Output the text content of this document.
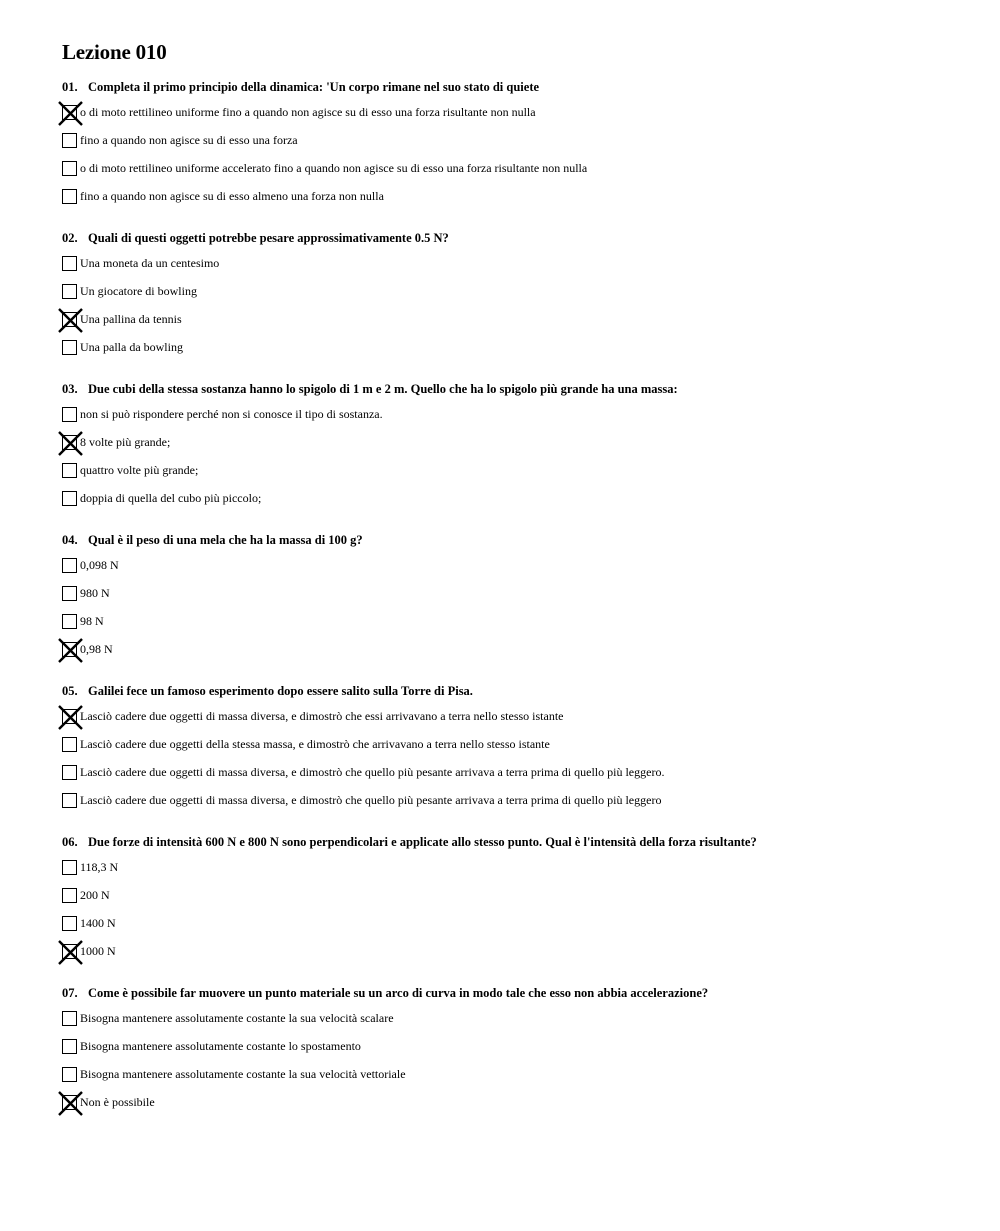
Lezione 010
01. Completa il primo principio della dinamica: 'Un corpo rimane nel suo stato di quiete
o di moto rettilineo uniforme fino a quando non agisce su di esso una forza risultante non nulla
fino a quando non agisce su di esso una forza
o di moto rettilineo uniforme accelerato fino a quando non agisce su di esso una forza risultante non nulla
fino a quando non agisce su di esso almeno una forza non nulla
02. Quali di questi oggetti potrebbe pesare approssimativamente 0.5 N?
Una moneta da un centesimo
Un giocatore di bowling
Una pallina da tennis
Una palla da bowling
03. Due cubi della stessa sostanza hanno lo spigolo di 1 m e 2 m. Quello che ha lo spigolo più grande ha una massa:
non si può rispondere perché non si conosce il tipo di sostanza.
8 volte più grande;
quattro volte più grande;
doppia di quella del cubo più piccolo;
04. Qual è il peso di una mela che ha la massa di 100 g?
0,098 N
980 N
98 N
0,98 N
05. Galilei fece un famoso esperimento dopo essere salito sulla Torre di Pisa.
Lasciò cadere due oggetti di massa diversa, e dimostrò che essi arrivavano a terra nello stesso istante
Lasciò cadere due oggetti della stessa massa, e dimostrò che arrivavano a terra nello stesso istante
Lasciò cadere due oggetti di massa diversa, e dimostrò che quello più pesante arrivava a terra prima di quello più leggero.
Lasciò cadere due oggetti di massa diversa, e dimostrò che quello più pesante arrivava a terra prima di quello più leggero
06. Due forze di intensità 600 N e 800 N sono perpendicolari e applicate allo stesso punto. Qual è l'intensità della forza risultante?
118,3 N
200 N
1400 N
1000 N
07. Come è possibile far muovere un punto materiale su un arco di curva in modo tale che esso non abbia accelerazione?
Bisogna mantenere assolutamente costante la sua velocità scalare
Bisogna mantenere assolutamente costante lo spostamento
Bisogna mantenere assolutamente costante la sua velocità vettoriale
Non è possibile
